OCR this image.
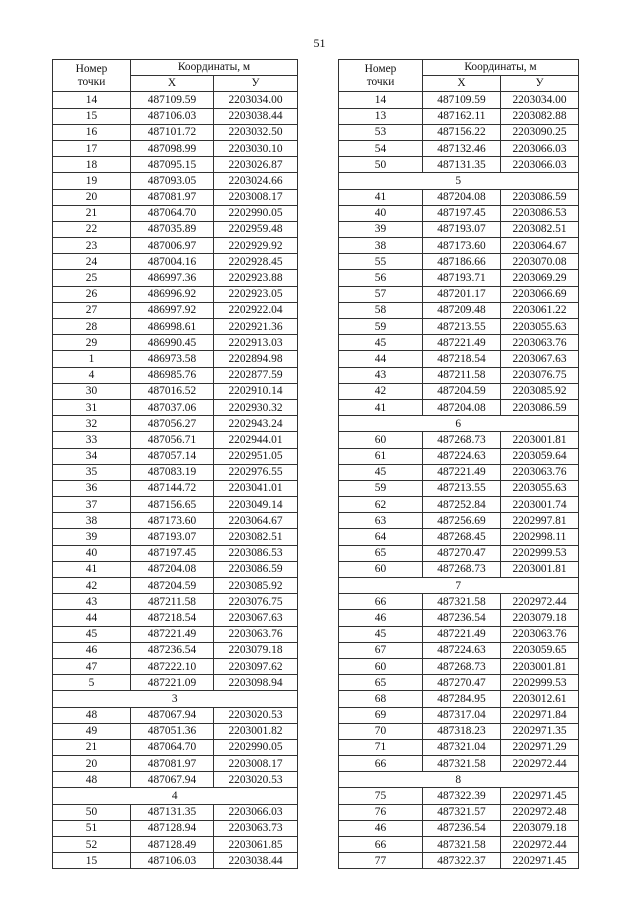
51
Номер
точки	Координаты, м	
	X	У
14	487109.59	2203034.00
15	487106.03	2203038.44
16	487101.72	2203032.50
17	487098.99	2203030.10
18	487095.15	2203026.87
19	487093.05	2203024.66
20	487081.97	2203008.17
21	487064.70	2202990.05
22	487035.89	2202959.48
23	487006.97	2202929.92
24	487004.16	2202928.45
25	486997.36	2202923.88
26	486996.92	2202923.05
27	486997.92	2202922.04
28	486998.61	2202921.36
29	486990.45	2202913.03
1	486973.58	2202894.98
4	486985.76	2202877.59
30	487016.52	2202910.14
31	487037.06	2202930.32
32	487056.27	2202943.24
33	487056.71	2202944.01
34	487057.14	2202951.05
35	487083.19	2202976.55
36	487144.72	2203041.01
37	487156.65	2203049.14
38	487173.60	2203064.67
39	487193.07	2203082.51
40	487197.45	2203086.53
41	487204.08	2203086.59
42	487204.59	2203085.92
43	487211.58	2203076.75
44	487218.54	2203067.63
45	487221.49	2203063.76
46	487236.54	2203079.18
47	487222.10	2203097.62
5	487221.09	2203098.94
3		
48	487067.94	2203020.53
49	487051.36	2203001.82
21	487064.70	2202990.05
20	487081.97	2203008.17
48	487067.94	2203020.53
4		
50	487131.35	2203066.03
51	487128.94	2203063.73
52	487128.49	2203061.85
15	487106.03	2203038.44
Номер
точки	Координаты, м	
	X	У
14	487109.59	2203034.00
13	487162.11	2203082.88
53	487156.22	2203090.25
54	487132.46	2203066.03
50	487131.35	2203066.03
5		
41	487204.08	2203086.59
40	487197.45	2203086.53
39	487193.07	2203082.51
38	487173.60	2203064.67
55	487186.66	2203070.08
56	487193.71	2203069.29
57	487201.17	2203066.69
58	487209.48	2203061.22
59	487213.55	2203055.63
45	487221.49	2203063.76
44	487218.54	2203067.63
43	487211.58	2203076.75
42	487204.59	2203085.92
41	487204.08	2203086.59
6		
60	487268.73	2203001.81
61	487224.63	2203059.64
45	487221.49	2203063.76
59	487213.55	2203055.63
62	487252.84	2203001.74
63	487256.69	2202997.81
64	487268.45	2202998.11
65	487270.47	2202999.53
60	487268.73	2203001.81
7		
66	487321.58	2202972.44
46	487236.54	2203079.18
45	487221.49	2203063.76
67	487224.63	2203059.65
60	487268.73	2203001.81
65	487270.47	2202999.53
68	487284.95	2203012.61
69	487317.04	2202971.84
70	487318.23	2202971.35
71	487321.04	2202971.29
66	487321.58	2202972.44
8		
75	487322.39	2202971.45
76	487321.57	2202972.48
46	487236.54	2203079.18
66	487321.58	2202972.44
77	487322.37	2202971.45
